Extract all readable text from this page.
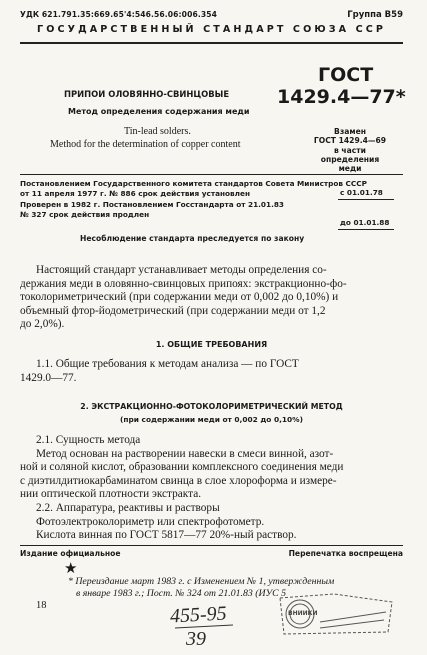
УДК 621.791.35:669.65'4:546.56.06:006.354	Группа В59
ГОСУДАРСТВЕННЫЙ СТАНДАРТ СОЮЗА ССР
ПРИПОИ ОЛОВЯННО-СВИНЦОВЫЕ
Метод определения содержания меди
Tin-lead solders.
Method for the determination of copper content
ГОСТ
1429.4—77*
Взамен
ГОСТ 1429.4—69
в части определения
меди
Постановлением Государственного комитета стандартов Совета Министров СССР
от 11 апреля 1977 г. № 886 срок действия установлен
Проверен в 1982 г. Постановлением Госстандарта от 21.01.83
№ 327 срок действия продлен
с 01.01.78
до 01.01.88
Несоблюдение стандарта преследуется по закону
Настоящий стандарт устанавливает методы определения со-
держания меди в оловянно-свинцовых припоях: экстракционно-фо-
токолориметрический (при содержании меди от 0,002 до 0,10%) и
объемный фтор-йодометрический (при содержании меди от 1,2
до 2,0%).
1. ОБЩИЕ ТРЕБОВАНИЯ
1.1. Общие требования к методам анализа — по ГОСТ
1429.0—77.
2. ЭКСТРАКЦИОННО-ФОТОКОЛОРИМЕТРИЧЕСКИЙ МЕТОД
(при содержании меди от 0,002 до 0,10%)
2.1. Сущность метода
Метод основан на растворении навески в смеси винной, азот-
ной и соляной кислот, образовании комплексного соединения меди
с диэтилдитиокарбаминатом свинца в слое хлороформа и измере-
нии оптической плотности экстракта.
2.2. Аппаратура, реактивы и растворы
Фотоэлектроколориметр или спектрофотометр.
Кислота винная по ГОСТ 5817—77 20%-ный раствор.
Издание официальное	Перепечатка воспрещена
★
* Переиздание март 1983 г. с Изменением № 1, утвержденным
в январе 1983 г.; Пост. № 324 от 21.01.83 (ИУС 5
18	455-95
39
ВНИИКИ
